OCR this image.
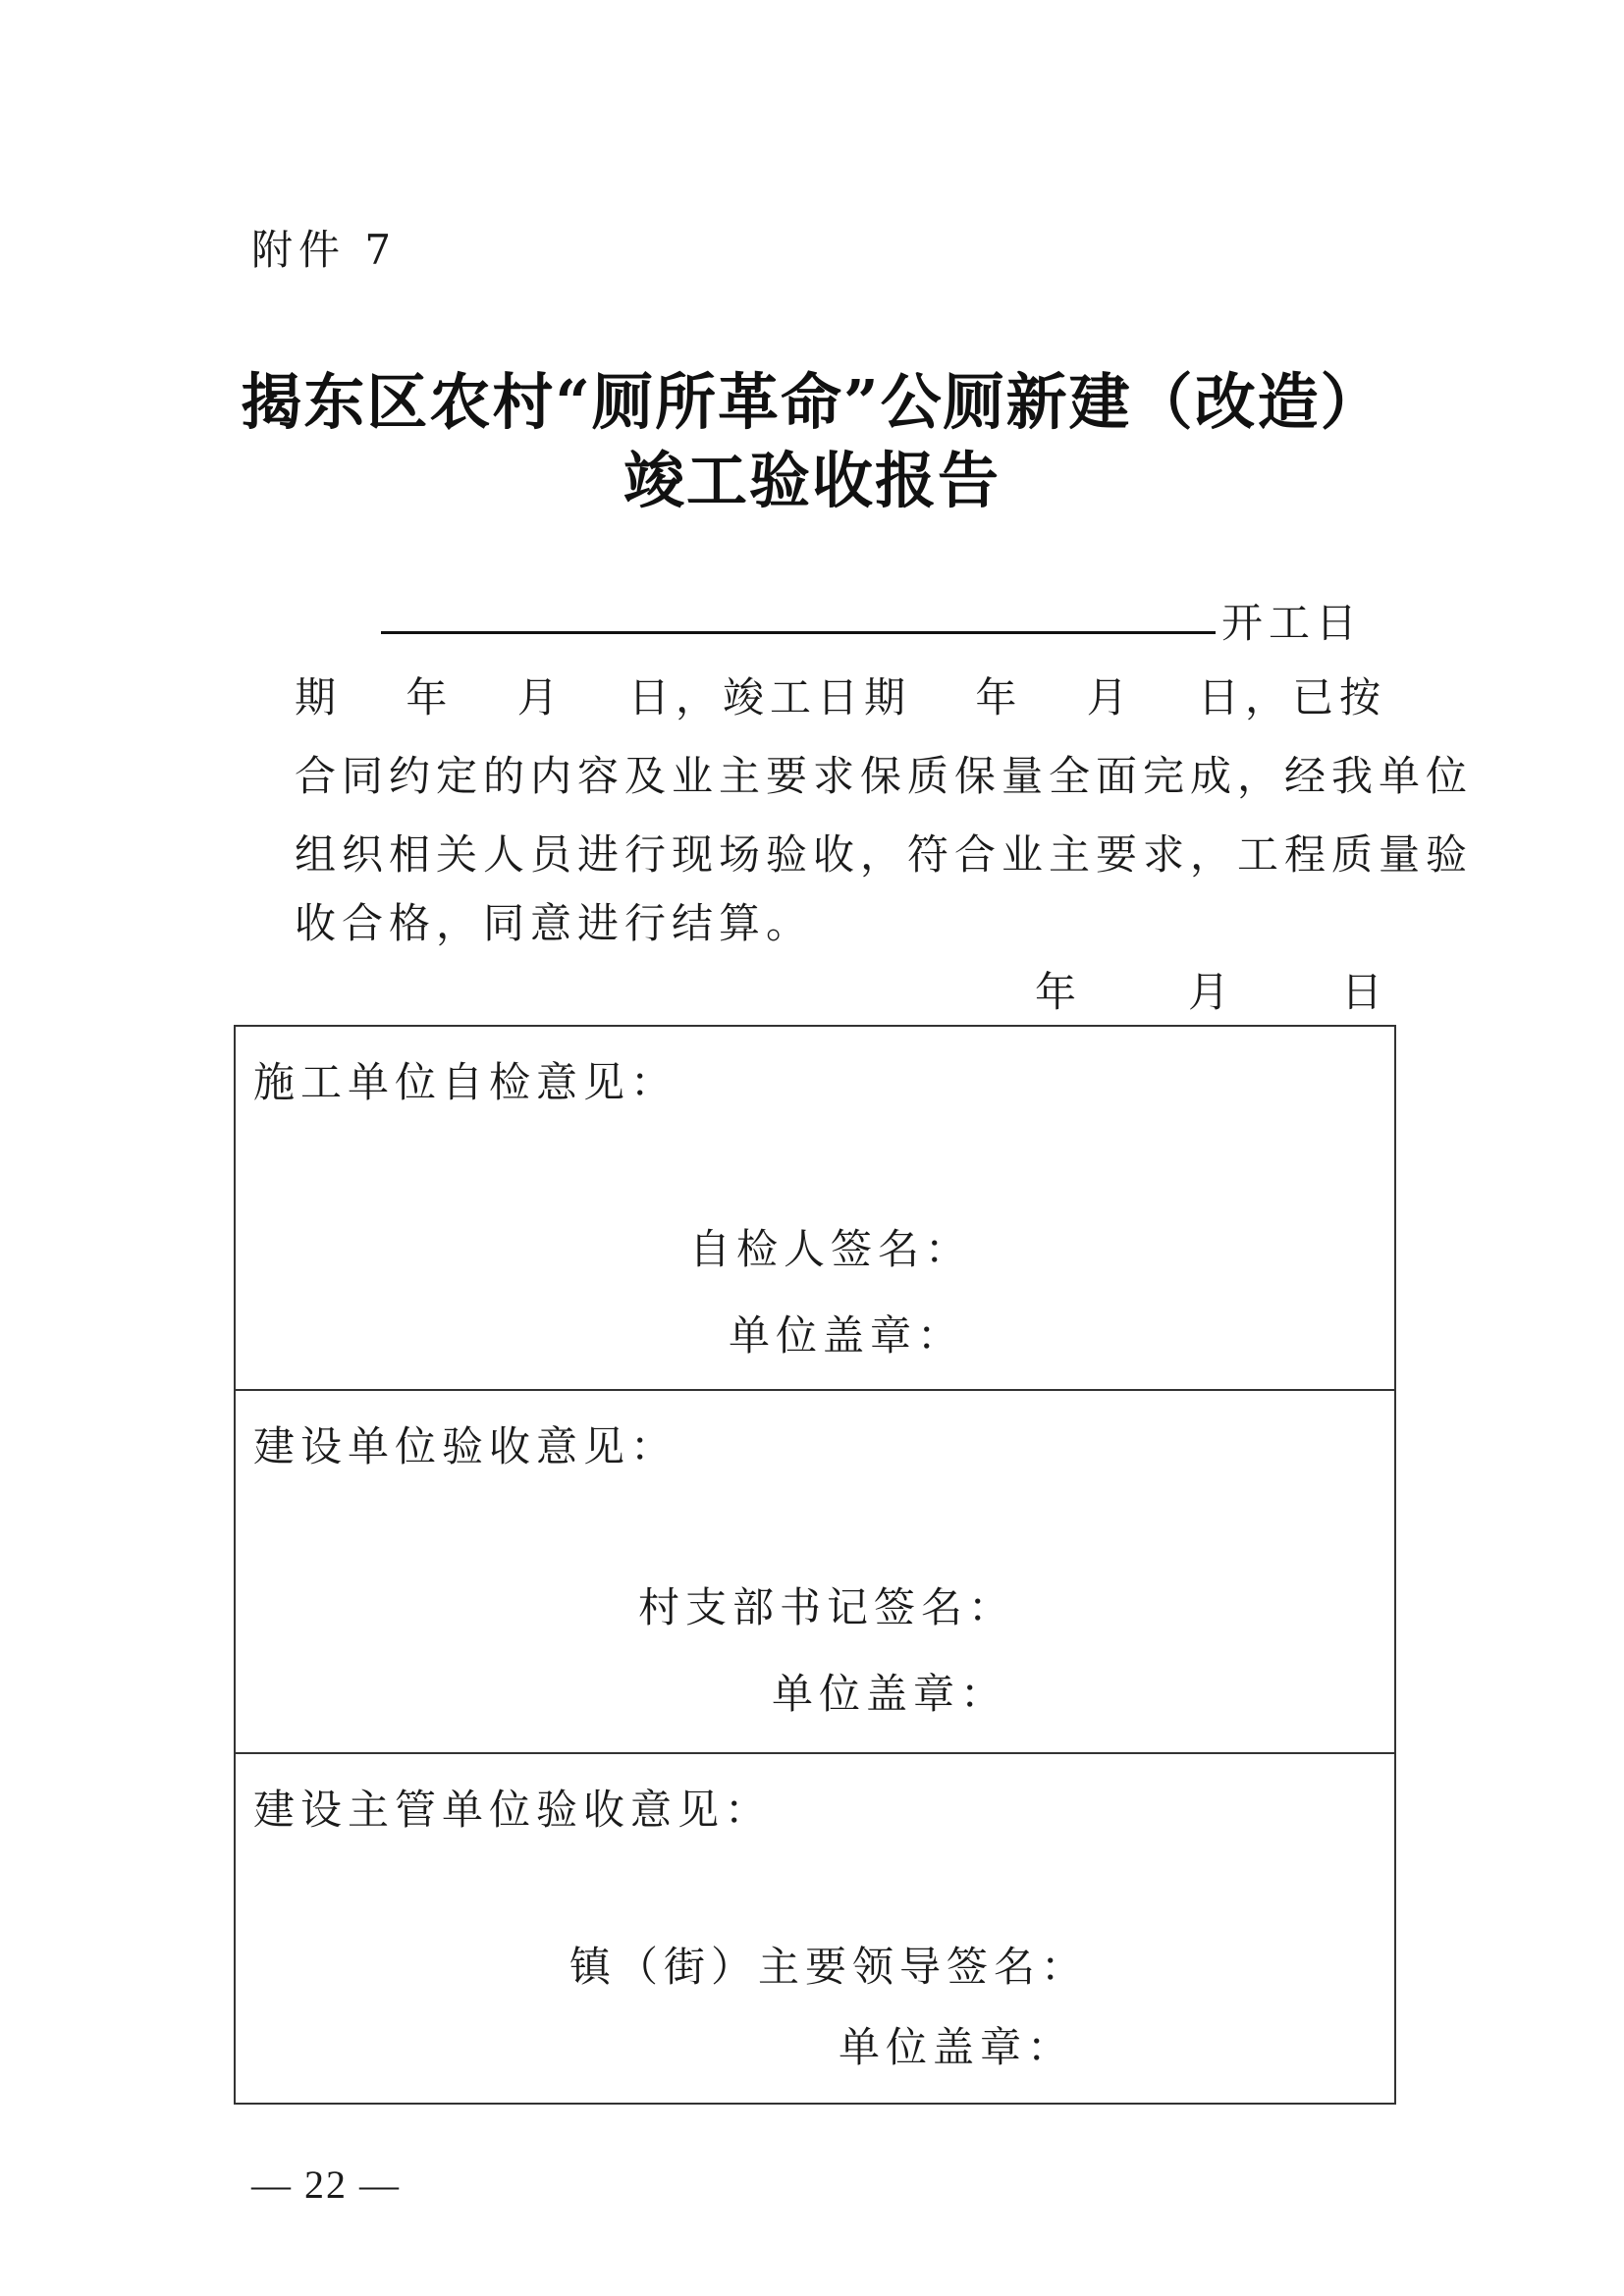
附件 7
揭东区农村“厕所革命”公厕新建（改造）
竣工验收报告
开工日
期 年 月 日，竣工日期 年 月 日，已按
合同约定的内容及业主要求保质保量全面完成，经我单位
组织相关人员进行现场验收，符合业主要求，工程质量验
收合格，同意进行结算。
年	月	日
施工单位自检意见：
自检人签名：
单位盖章：
建设单位验收意见：
村支部书记签名：
单位盖章：
建设主管单位验收意见：
镇（街）主要领导签名：
单位盖章：
— 22 —
